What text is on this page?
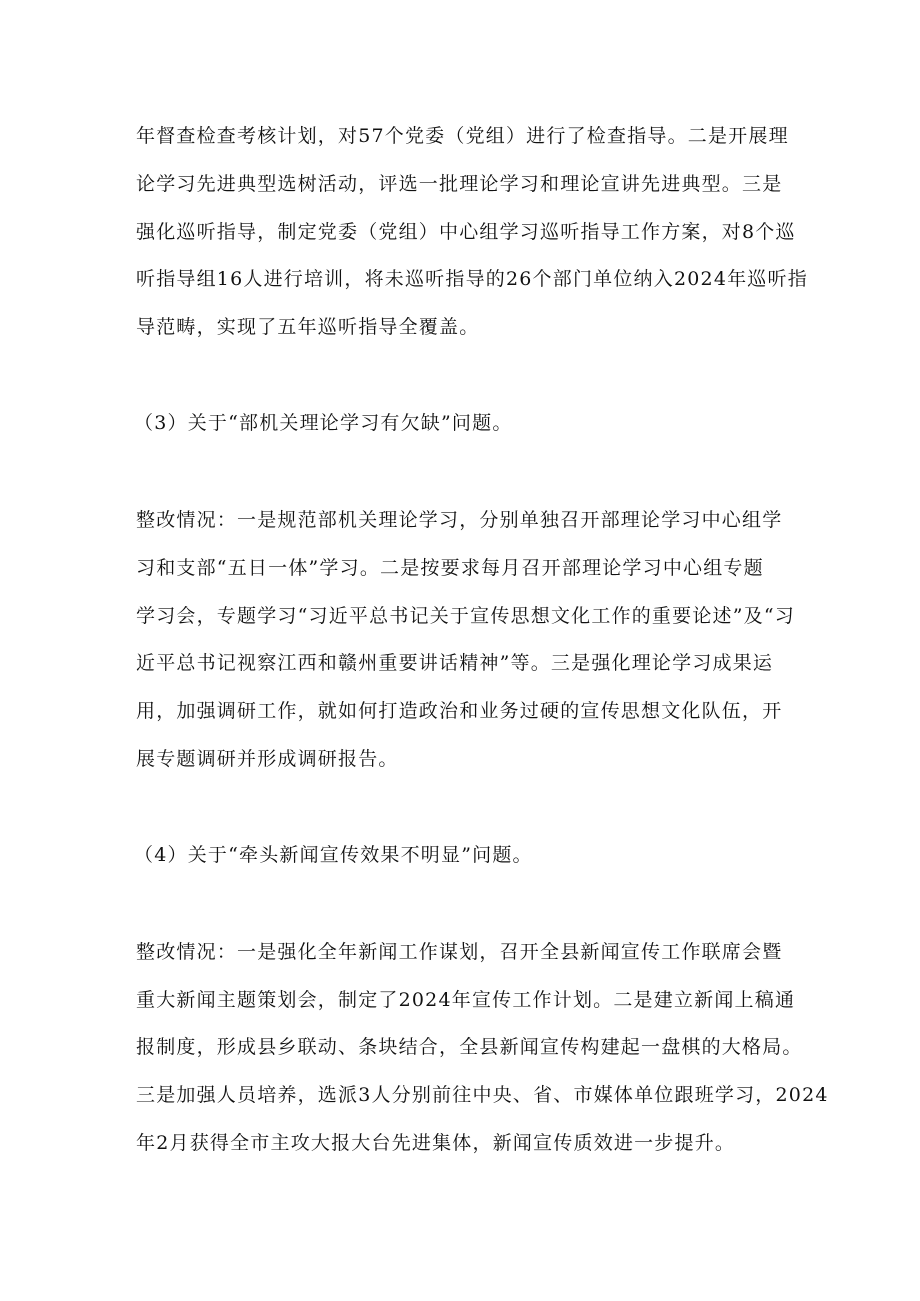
年督查检查考核计划，对57个党委（党组）进行了检查指导。二是开展理
论学习先进典型选树活动，评选一批理论学习和理论宣讲先进典型。三是
强化巡听指导，制定党委（党组）中心组学习巡听指导工作方案，对8个巡
听指导组16人进行培训，将未巡听指导的26个部门单位纳入2024年巡听指
导范畴，实现了五年巡听指导全覆盖。
（3）关于“部机关理论学习有欠缺”问题。
整改情况：一是规范部机关理论学习，分别单独召开部理论学习中心组学
习和支部“五日一体”学习。二是按要求每月召开部理论学习中心组专题
学习会，专题学习“习近平总书记关于宣传思想文化工作的重要论述”及“习
近平总书记视察江西和赣州重要讲话精神”等。三是强化理论学习成果运
用，加强调研工作，就如何打造政治和业务过硬的宣传思想文化队伍，开
展专题调研并形成调研报告。
（4）关于“牵头新闻宣传效果不明显”问题。
整改情况：一是强化全年新闻工作谋划，召开全县新闻宣传工作联席会暨
重大新闻主题策划会，制定了2024年宣传工作计划。二是建立新闻上稿通
报制度，形成县乡联动、条块结合，全县新闻宣传构建起一盘棋的大格局。
三是加强人员培养，选派3人分别前往中央、省、市媒体单位跟班学习，2024
年2月获得全市主攻大报大台先进集体，新闻宣传质效进一步提升。
